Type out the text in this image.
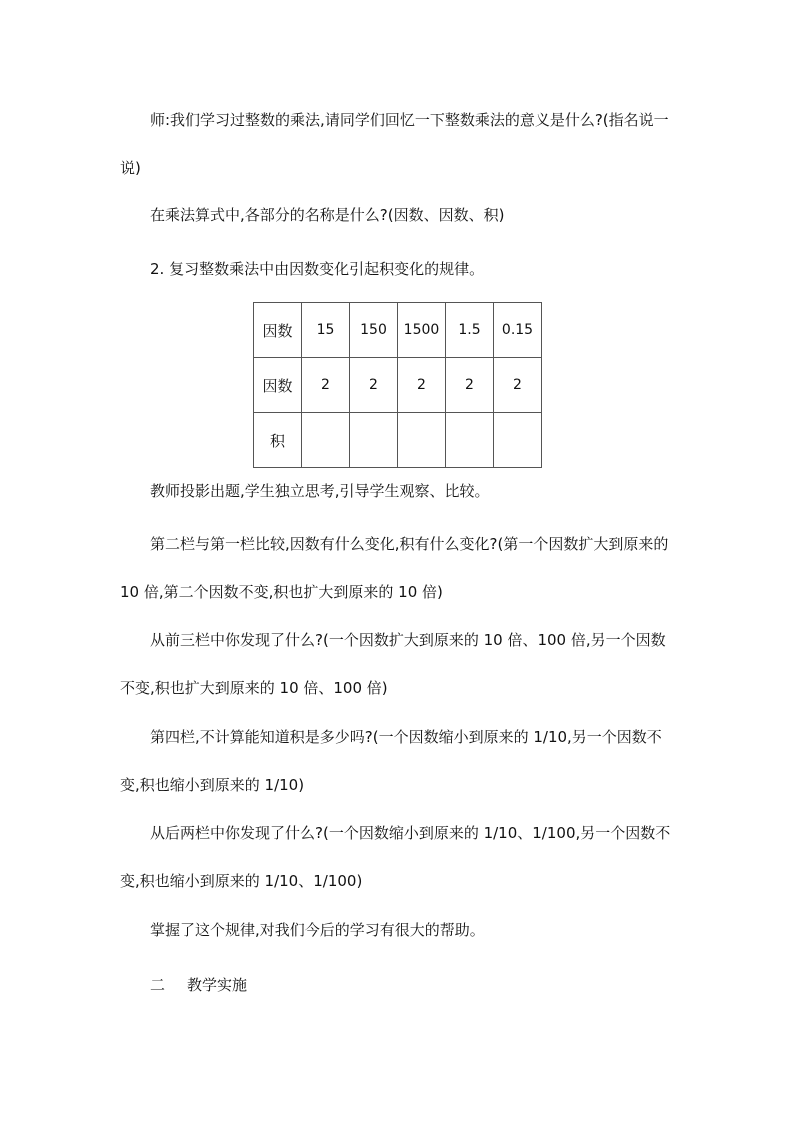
师:我们学习过整数的乘法,请同学们回忆一下整数乘法的意义是什么?(指名说一说)

在乘法算式中,各部分的名称是什么?(因数、因数、积)

2. 复习整数乘法中由因数变化引起积变化的规律。

因数	15	150	1500	1.5	0.15
因数	2	2	2	2	2
积					

教师投影出题,学生独立思考,引导学生观察、比较。

第二栏与第一栏比较,因数有什么变化,积有什么变化?(第一个因数扩大到原来的 10 倍,第二个因数不变,积也扩大到原来的 10 倍)

从前三栏中你发现了什么?(一个因数扩大到原来的 10 倍、100 倍,另一个因数不变,积也扩大到原来的 10 倍、100 倍)

第四栏,不计算能知道积是多少吗?(一个因数缩小到原来的 1/10,另一个因数不变,积也缩小到原来的 1/10)

从后两栏中你发现了什么?(一个因数缩小到原来的 1/10、1/100,另一个因数不变,积也缩小到原来的 1/10、1/100)

掌握了这个规律,对我们今后的学习有很大的帮助。

二 教学实施
